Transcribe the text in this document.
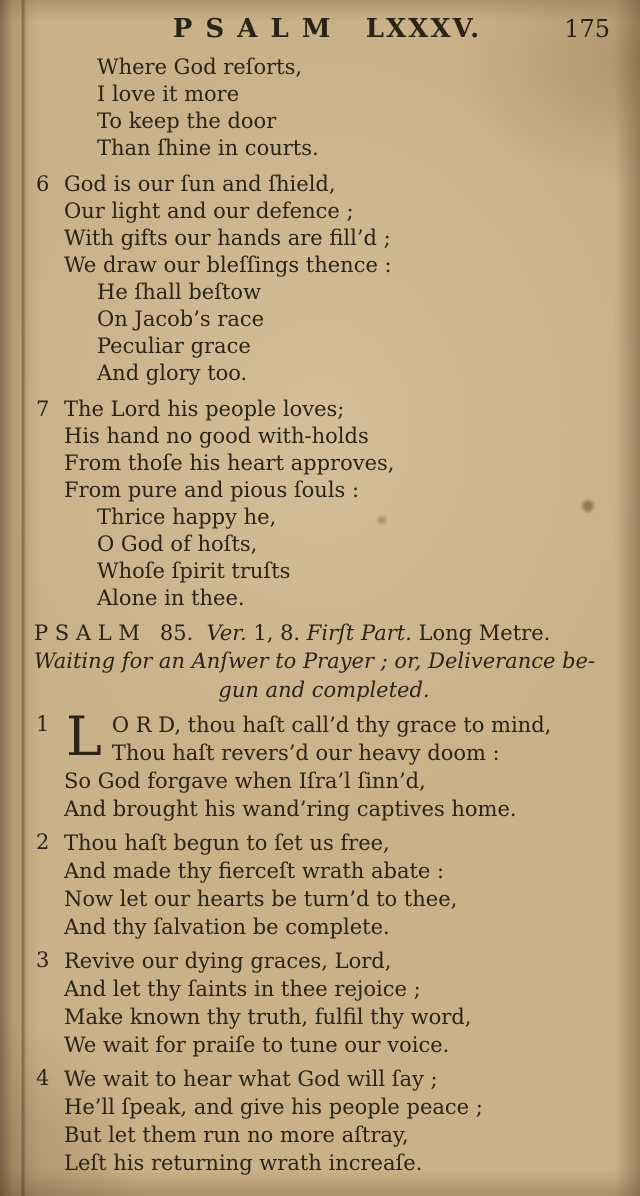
P S A L M   LXXXV.	175
Where God reſorts,
I love it more
To keep the door
Than ſhine in courts.
6 God is our ſun and ſhield,
Our light and our defence ;
With gifts our hands are fill’d ;
We draw our bleſſings thence :
He ſhall beſtow
On Jacob’s race
Peculiar grace
And glory too.
7 The Lord his people loves;
His hand no good with-holds
From thoſe his heart approves,
From pure and pious ſouls :
Thrice happy he,
O God of hoſts,
Whoſe ſpirit truſts
Alone in thee.
P S A L M   85.  Ver. 1, 8. Firſt Part. Long Metre.
Waiting for an Anſwer to Prayer ; or, Deliverance be-
gun and completed.
1 L O R D, thou haſt call’d thy grace to mind,
Thou haſt revers’d our heavy doom :
So God forgave when Iſra’l ſinn’d,
And brought his wand’ring captives home.
2 Thou haſt begun to ſet us free,
And made thy fierceſt wrath abate :
Now let our hearts be turn’d to thee,
And thy ſalvation be complete.
3 Revive our dying graces, Lord,
And let thy ſaints in thee rejoice ;
Make known thy truth, fulfil thy word,
We wait for praiſe to tune our voice.
4 We wait to hear what God will ſay ;
He’ll ſpeak, and give his people peace ;
But let them run no more aſtray,
Leſt his returning wrath increaſe.
